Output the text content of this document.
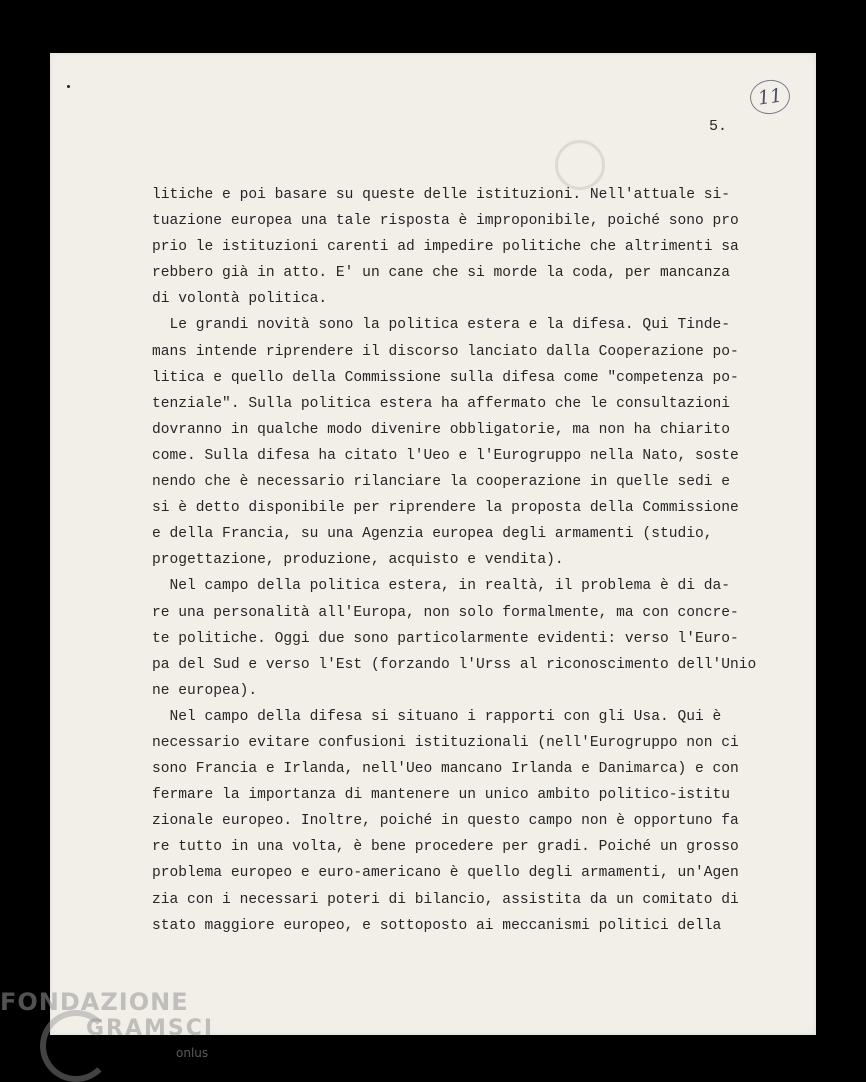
11
5.
litiche e poi basare su queste delle istituzioni. Nell'attuale si-
tuazione europea una tale risposta è improponibile, poiché sono pro
prio le istituzioni carenti ad impedire politiche che altrimenti sa
rebbero già in atto. E' un cane che si morde la coda, per mancanza
di volontà politica.
Le grandi novità sono la politica estera e la difesa. Qui Tinde-
mans intende riprendere il discorso lanciato dalla Cooperazione po-
litica e quello della Commissione sulla difesa come "competenza po-
tenziale". Sulla politica estera ha affermato che le consultazioni
dovranno in qualche modo divenire obbligatorie, ma non ha chiarito
come. Sulla difesa ha citato l'Ueo e l'Eurogruppo nella Nato, soste
nendo che è necessario rilanciare la cooperazione in quelle sedi e
si è detto disponibile per riprendere la proposta della Commissione
e della Francia, su una Agenzia europea degli armamenti (studio,
progettazione, produzione, acquisto e vendita).
Nel campo della politica estera, in realtà, il problema è di da-
re una personalità all'Europa, non solo formalmente, ma con concre-
te politiche. Oggi due sono particolarmente evidenti: verso l'Euro-
pa del Sud e verso l'Est (forzando l'Urss al riconoscimento dell'Unio
ne europea).
Nel campo della difesa si situano i rapporti con gli Usa. Qui è
necessario evitare confusioni istituzionali (nell'Eurogruppo non ci
sono Francia e Irlanda, nell'Ueo mancano Irlanda e Danimarca) e con
fermare la importanza di mantenere un unico ambito politico-istitu
zionale europeo. Inoltre, poiché in questo campo non è opportuno fa
re tutto in una volta, è bene procedere per gradi. Poiché un grosso
problema europeo e euro-americano è quello degli armamenti, un'Agen
zia con i necessari poteri di bilancio, assistita da un comitato di
stato maggiore europeo, e sottoposto ai meccanismi politici della
FONDAZIONE
GRAMSCI
onlus
